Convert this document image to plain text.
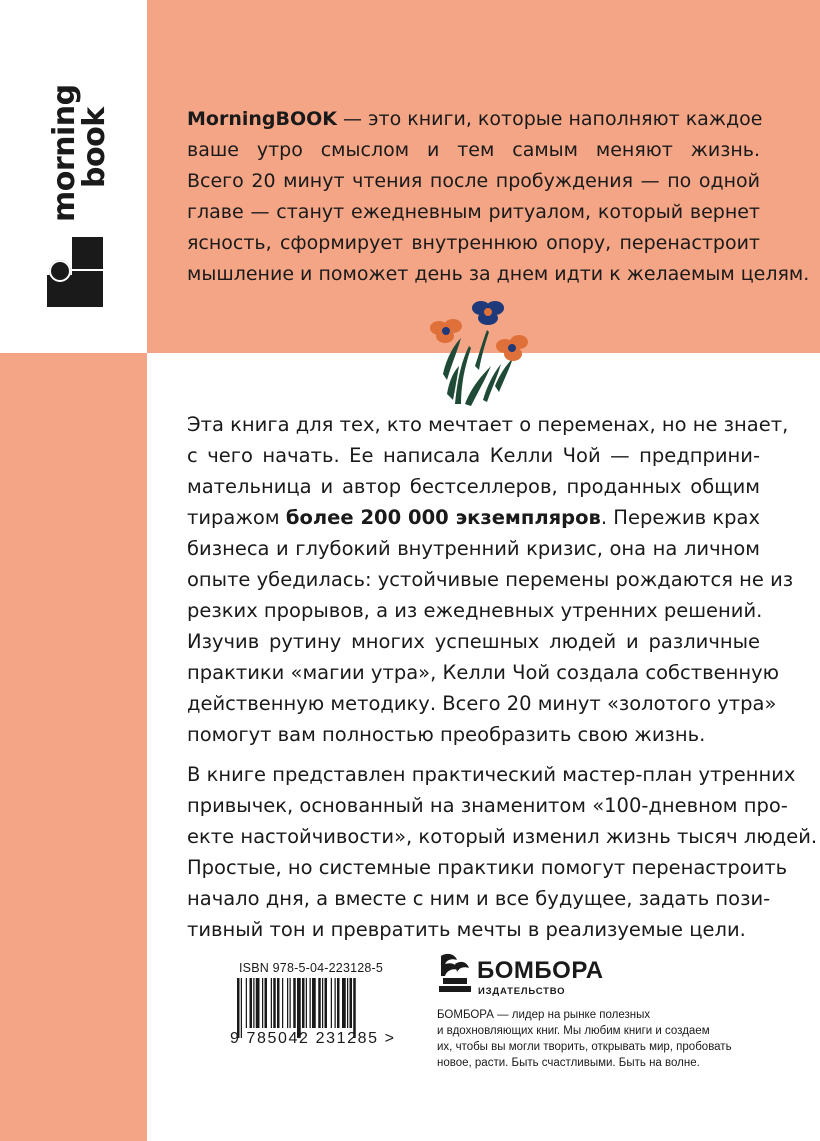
morning
book	MorningBOOK — это книги, которые наполняют каждое

ваше утро смыслом и тем самым меняют жизнь.

Всего 20 минут чтения после пробуждения — по одной

главе — станут ежедневным ритуалом, который вернет

ясность, сформирует внутреннюю опору, перенастроит

мышление и поможет день за днем идти к желаемым целям.

Эта книга для тех, кто мечтает о переменах, но не знает,

с чего начать. Ее написала Келли Чой — предприни-

мательница и автор бестселлеров, проданных общим

тиражом более 200 000 экземпляров. Пережив крах

бизнеса и глубокий внутренний кризис, она на личном

опыте убедилась: устойчивые перемены рождаются не из

резких прорывов, а из ежедневных утренних решений.

Изучив рутину многих успешных людей и различные

практики «магии утра», Келли Чой создала собственную

действенную методику. Всего 20 минут «золотого утра»

помогут вам полностью преобразить свою жизнь.

В книге представлен практический мастер-план утренних

привычек, основанный на знаменитом «100-дневном про-

екте настойчивости», который изменил жизнь тысяч людей.

Простые, но системные практики помогут перенастроить

начало дня, а вместе с ним и все будущее, задать пози-

тивный тон и превратить мечты в реализуемые цели.

ISBN 978-5-04-223128-5
9 785042 231285 >
БОМБОРА
ИЗДАТЕЛЬСТВО

БОМБОРА — лидер на рынке полезных

и вдохновляющих книг. Мы любим книги и создаем

их, чтобы вы могли творить, открывать мир, пробовать

новое, расти. Быть счастливыми. Быть на волне.
